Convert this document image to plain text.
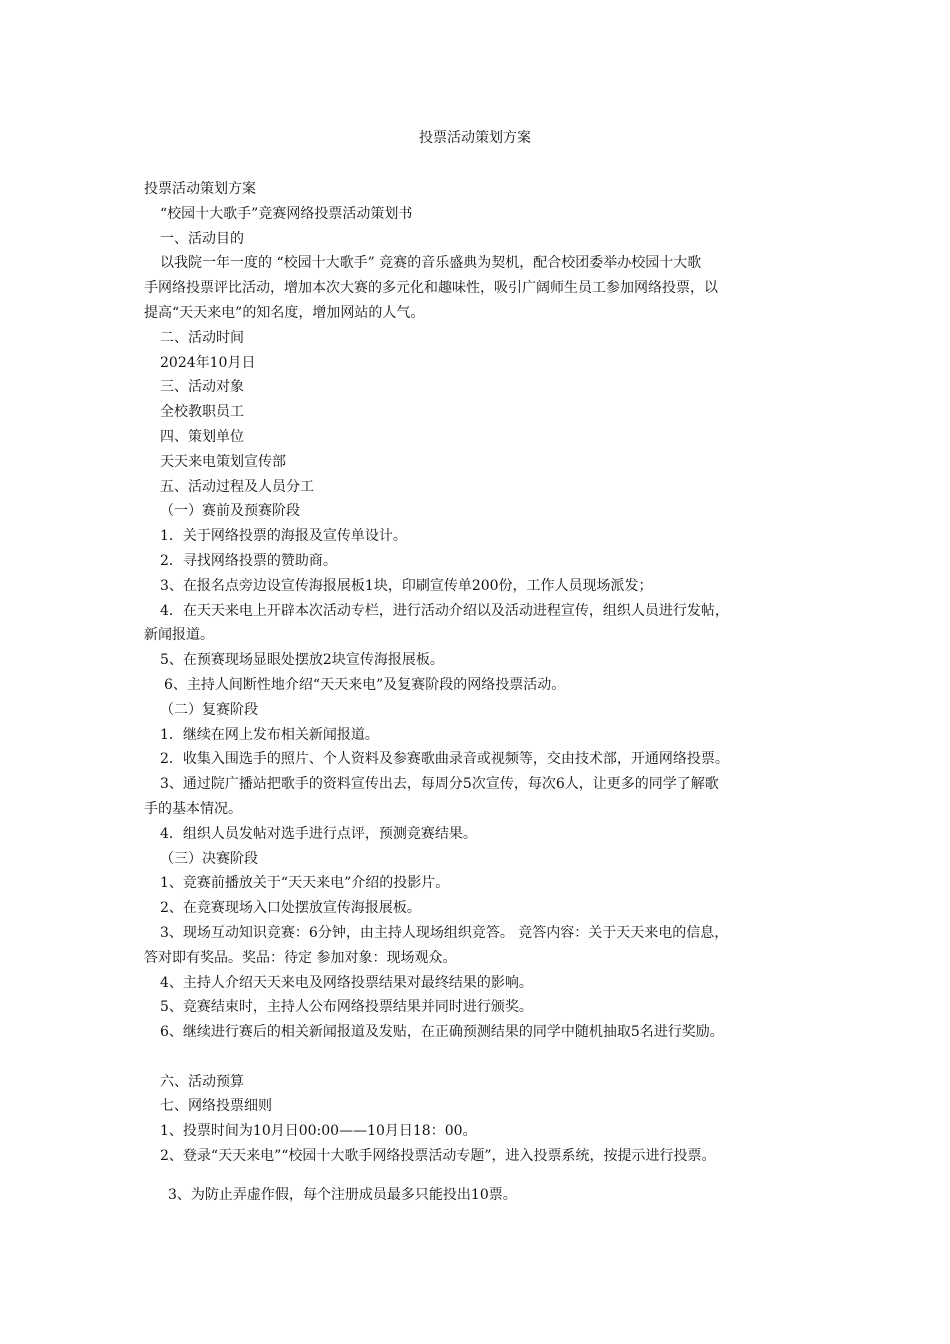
投票活动策划方案
投票活动策划方案
“校园十大歌手”竞赛网络投票活动策划书
一、活动目的
以我院一年一度的 “校园十大歌手” 竞赛的音乐盛典为契机，配合校团委举办校园十大歌
手网络投票评比活动，增加本次大赛的多元化和趣味性，吸引广阔师生员工参加网络投票，以
提高“天天来电”的知名度，增加网站的人气。
二、活动时间
2024年10月日
三、活动对象
全校教职员工
四、策划单位
天天来电策划宣传部
五、活动过程及人员分工
（一）赛前及预赛阶段
1．关于网络投票的海报及宣传单设计。
2．寻找网络投票的赞助商。
3、在报名点旁边设宣传海报展板1块，印刷宣传单200份，工作人员现场派发；
4．在天天来电上开辟本次活动专栏，进行活动介绍以及活动进程宣传，组织人员进行发帖，
新闻报道。
5、在预赛现场显眼处摆放2块宣传海报展板。
6、主持人间断性地介绍“天天来电”及复赛阶段的网络投票活动。
（二）复赛阶段
1．继续在网上发布相关新闻报道。
2．收集入围选手的照片、个人资料及参赛歌曲录音或视频等，交由技术部，开通网络投票。
3、通过院广播站把歌手的资料宣传出去，每周分5次宣传，每次6人，让更多的同学了解歌
手的基本情况。
4．组织人员发帖对选手进行点评，预测竞赛结果。
（三）决赛阶段
1、竞赛前播放关于“天天来电”介绍的投影片。
2、在竞赛现场入口处摆放宣传海报展板。
3、现场互动知识竞赛：6分钟，由主持人现场组织竞答。 竞答内容：关于天天来电的信息，
答对即有奖品。奖品：待定 参加对象：现场观众。
4、主持人介绍天天来电及网络投票结果对最终结果的影响。
5、竞赛结束时，主持人公布网络投票结果并同时进行颁奖。
6、继续进行赛后的相关新闻报道及发贴，在正确预测结果的同学中随机抽取5名进行奖励。
六、活动预算
七、网络投票细则
1、投票时间为10月日00:00——10月日18：00。
2、登录“天天来电”“校园十大歌手网络投票活动专题”，进入投票系统，按提示进行投票。
3、为防止弄虚作假，每个注册成员最多只能投出10票。
